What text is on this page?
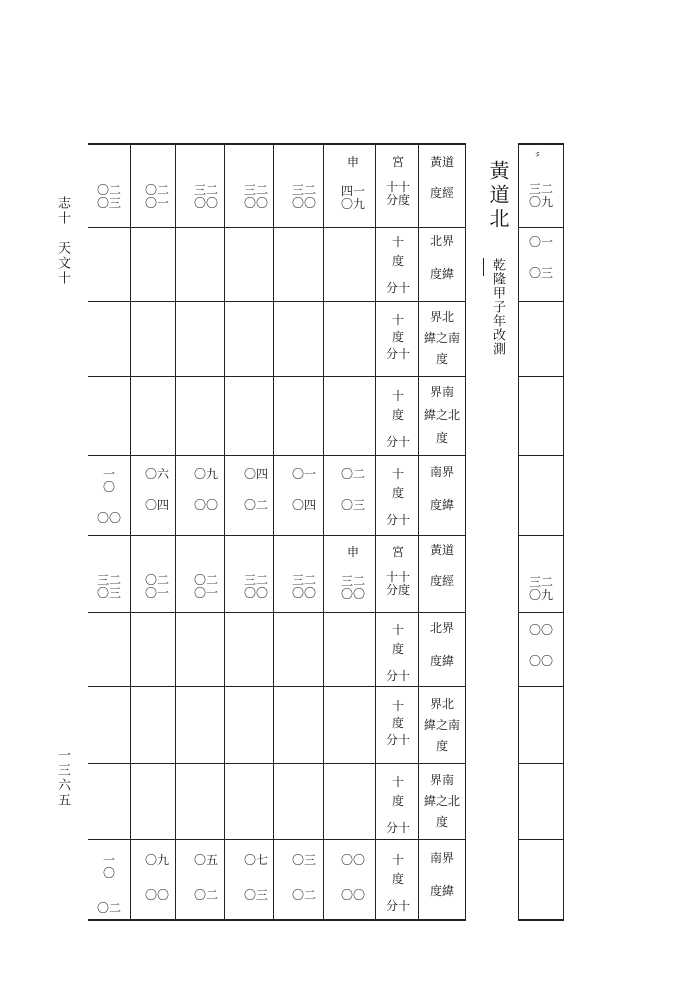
志十　天文十
一三六五
黃道
度經
北界
度緯
界北
緯之南
度
界南
緯之北
度
南界
度緯
黃道
度經
北界
度緯
界北
緯之南
度
界南
緯之北
度
南界
度緯
宮
十十
分度
十
度
分十
十
度
分十
十
度
分十
十
度
分十
宮
十十
分度
十
度
分十
十
度
分十
十
度
分十
十
度
分十
申
四一
〇九
〇二
〇三
申
三二
〇〇
〇〇
〇〇
三二
〇〇
〇一
〇四
三二
〇〇
〇三
〇二
三二
〇〇
〇四
〇二
三二
〇〇
〇七
〇三
三二
〇〇
〇九
〇〇
〇二
〇一
〇五
〇二
〇二
〇一
〇六
〇四
〇二
〇一
〇九
〇〇
〇二
〇三
一
〇
〇〇
三二
〇三
一
〇
〇二
黃道北
乾隆甲子年改測
〞
三二
〇九
〇一
〇三
三二
〇九
〇〇
〇〇
